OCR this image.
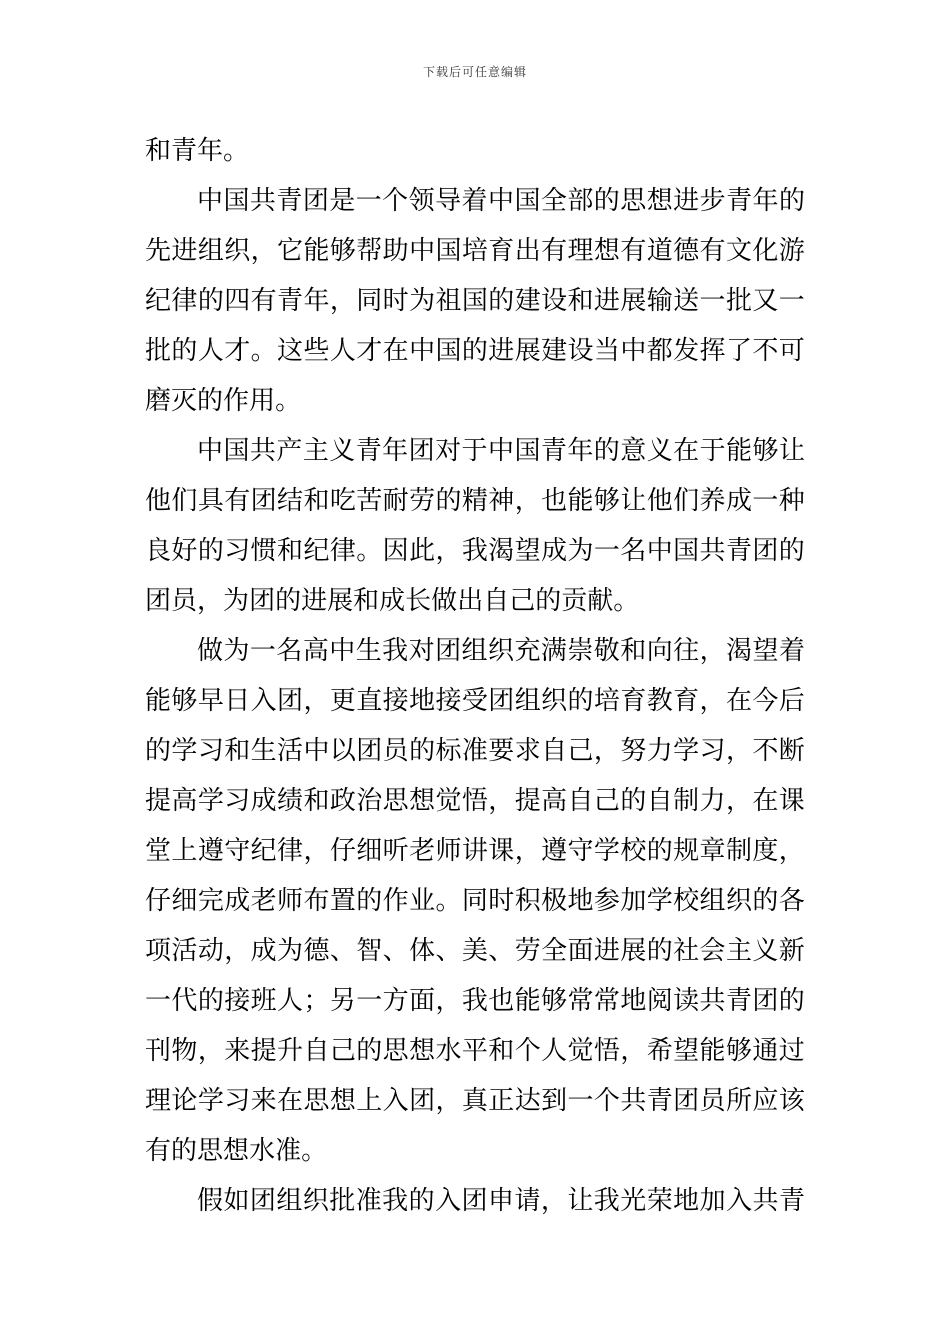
下载后可任意编辑
和 青 年 。
中 国 共 青 团 是 一 个 领 导 着 中 国 全 部 的 思 想 进 步 青 年 的
先 进 组 织 ， 它 能 够 帮 助 中 国 培 育 出 有 理 想 有 道 德 有 文 化 游
纪 律 的 四 有 青 年 ， 同 时 为 祖 国 的 建 设 和 进 展 输 送 一 批 又 一
批 的 人 才 。 这 些 人 才 在 中 国 的 进 展 建 设 当 中 都 发 挥 了 不 可
磨 灭 的 作 用 。
中 国 共 产 主 义 青 年 团 对 于 中 国 青 年 的 意 义 在 于 能 够 让
他 们 具 有 团 结 和 吃 苦 耐 劳 的 精 神 ， 也 能 够 让 他 们 养 成 一 种
良 好 的 习 惯 和 纪 律 。 因 此 ， 我 渴 望 成 为 一 名 中 国 共 青 团 的
团 员 ， 为 团 的 进 展 和 成 长 做 出 自 己 的 贡 献 。
做 为 一 名 高 中 生 我 对 团 组 织 充 满 崇 敬 和 向 往 ， 渴 望 着
能 够 早 日 入 团 ， 更 直 接 地 接 受 团 组 织 的 培 育 教 育 ， 在 今 后
的 学 习 和 生 活 中 以 团 员 的 标 准 要 求 自 己 ， 努 力 学 习 ， 不 断
提 高 学 习 成 绩 和 政 治 思 想 觉 悟 ， 提 高 自 己 的 自 制 力 ， 在 课
堂 上 遵 守 纪 律 ， 仔 细 听 老 师 讲 课 ， 遵 守 学 校 的 规 章 制 度 ，
仔 细 完 成 老 师 布 置 的 作 业 。 同 时 积 极 地 参 加 学 校 组 织 的 各
项 活 动 ， 成 为 德 、 智 、 体 、 美 、 劳 全 面 进 展 的 社 会 主 义 新
一 代 的 接 班 人 ； 另 一 方 面 ， 我 也 能 够 常 常 地 阅 读 共 青 团 的
刊 物 ， 来 提 升 自 己 的 思 想 水 平 和 个 人 觉 悟 ， 希 望 能 够 通 过
理 论 学 习 来 在 思 想 上 入 团 ， 真 正 达 到 一 个 共 青 团 员 所 应 该
有 的 思 想 水 准 。
假 如 团 组 织 批 准 我 的 入 团 申 请 ， 让 我 光 荣 地 加 入 共 青
